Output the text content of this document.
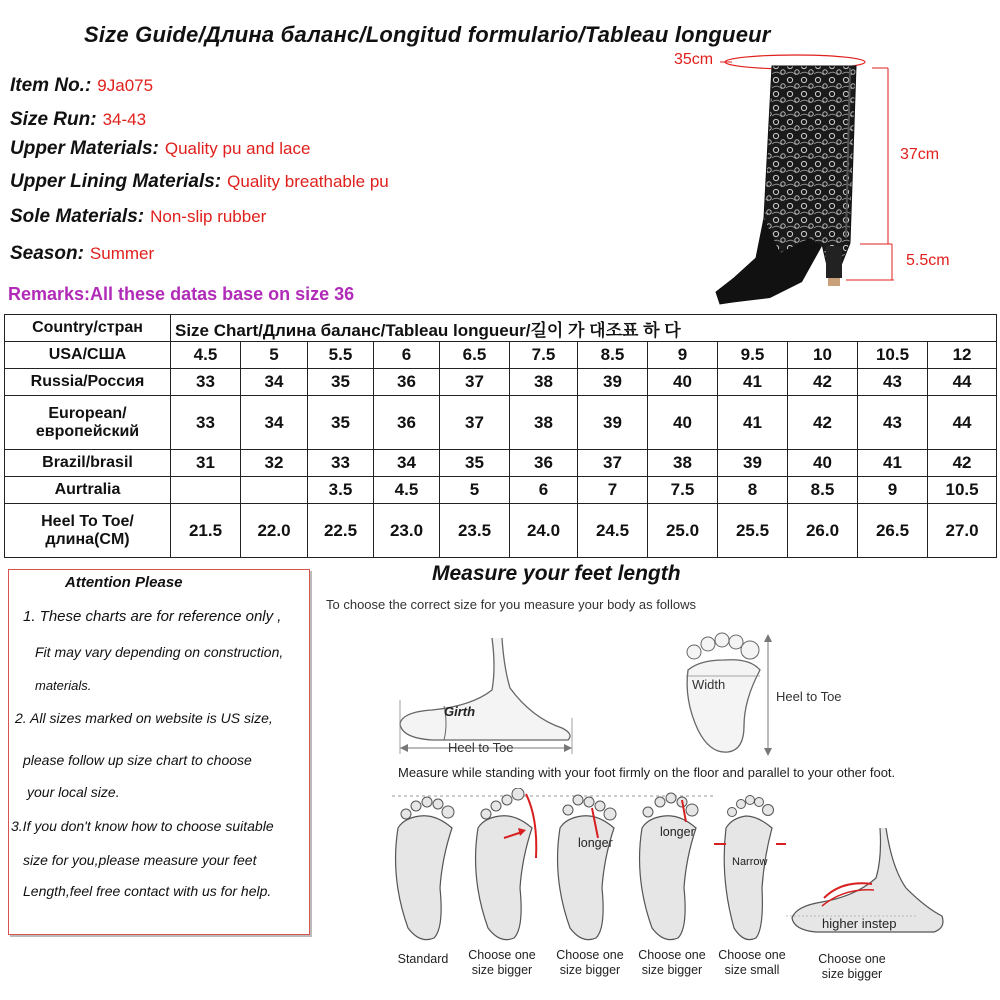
Size Guide/Длина баланс/Longitud formulario/Tableau longueur
Item No.: 9Ja075
Size Run: 34-43
Upper Materials: Quality pu and lace
Upper Lining Materials: Quality breathable pu
Sole Materials: Non-slip rubber
Season: Summer
Remarks:All these datas base on size 36
35cm
37cm
5.5cm
Country/стран	Size Chart/Длина баланс/Tableau longueur/길이 가 대조표 하 다											
USA/США	4.5	5	5.5	6	6.5	7.5	8.5	9	9.5	10	10.5	12
Russia/Россия	33	34	35	36	37	38	39	40	41	42	43	44
European/европейский	33	34	35	36	37	38	39	40	41	42	43	44
Brazil/brasil	31	32	33	34	35	36	37	38	39	40	41	42
Aurtralia			3.5	4.5	5	6	7	7.5	8	8.5	9	10.5
Heel To Toe/длина(CM)	21.5	22.0	22.5	23.0	23.5	24.0	24.5	25.0	25.5	26.0	26.5	27.0
Attention Please
1. These charts are for reference only ,
Fit may vary depending on construction,
materials.
2. All sizes marked on website is US size,
please follow up size chart to choose
your local size.
3.If you don't know how to choose suitable
size for you,please measure your feet
Length,feel free contact with us for help.
Measure your feet length
To choose the correct size for you measure your body as follows
Girth
Heel to Toe
Width
Heel to Toe
Measure while standing with your foot firmly on the floor and parallel to your other foot.
longer
longer
Narrow
higher instep
Standard	Choose one size bigger
Choose one size bigger
Choose one size bigger
Choose one size small
Choose one size bigger
